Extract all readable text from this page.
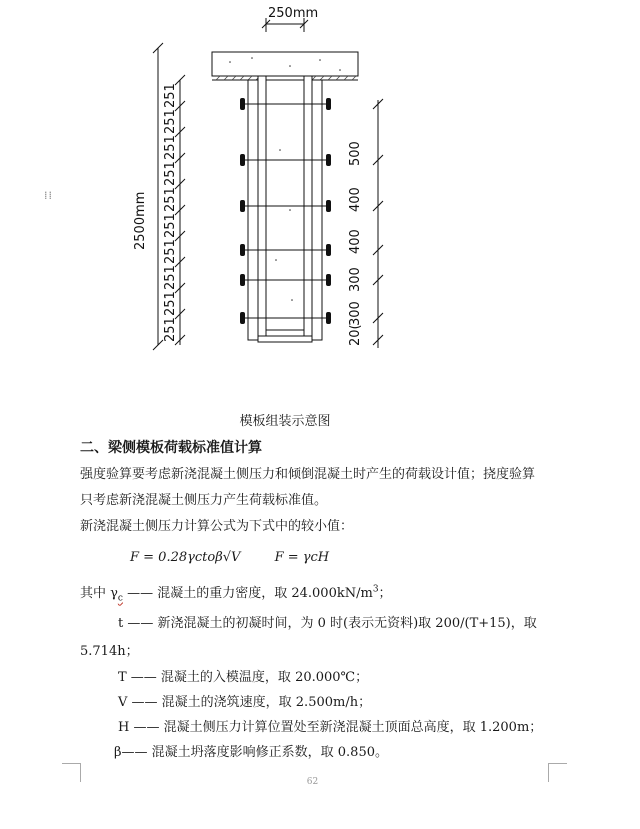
250mm
2500mm
251
251
251
251
251
251
251
251
251
251	20(
300
300
400
400
500
⁞⁞
模板组装示意图
二、梁侧模板荷载标准值计算
强度验算要考虑新浇混凝土侧压力和倾倒混凝土时产生的荷载设计值；挠度验算
只考虑新浇混凝土侧压力产生荷载标准值。
新浇混凝土侧压力计算公式为下式中的较小值：
F = 0.28γctoβ√V	F = γcH
其中 $\gamma_c$ —— 混凝土的重力密度，取 $24.000kN/m^3$；
t —— 新浇混凝土的初凝时间，为 0 时(表示无资料)取 200/(T+15)，取
5.714h；
T —— 混凝土的入模温度，取 20.000℃；
V —— 混凝土的浇筑速度，取 2.500m/h；
H —— 混凝土侧压力计算位置处至新浇混凝土顶面总高度，取 1.200m；
β—— 混凝土坍落度影响修正系数，取 0.850。
62
